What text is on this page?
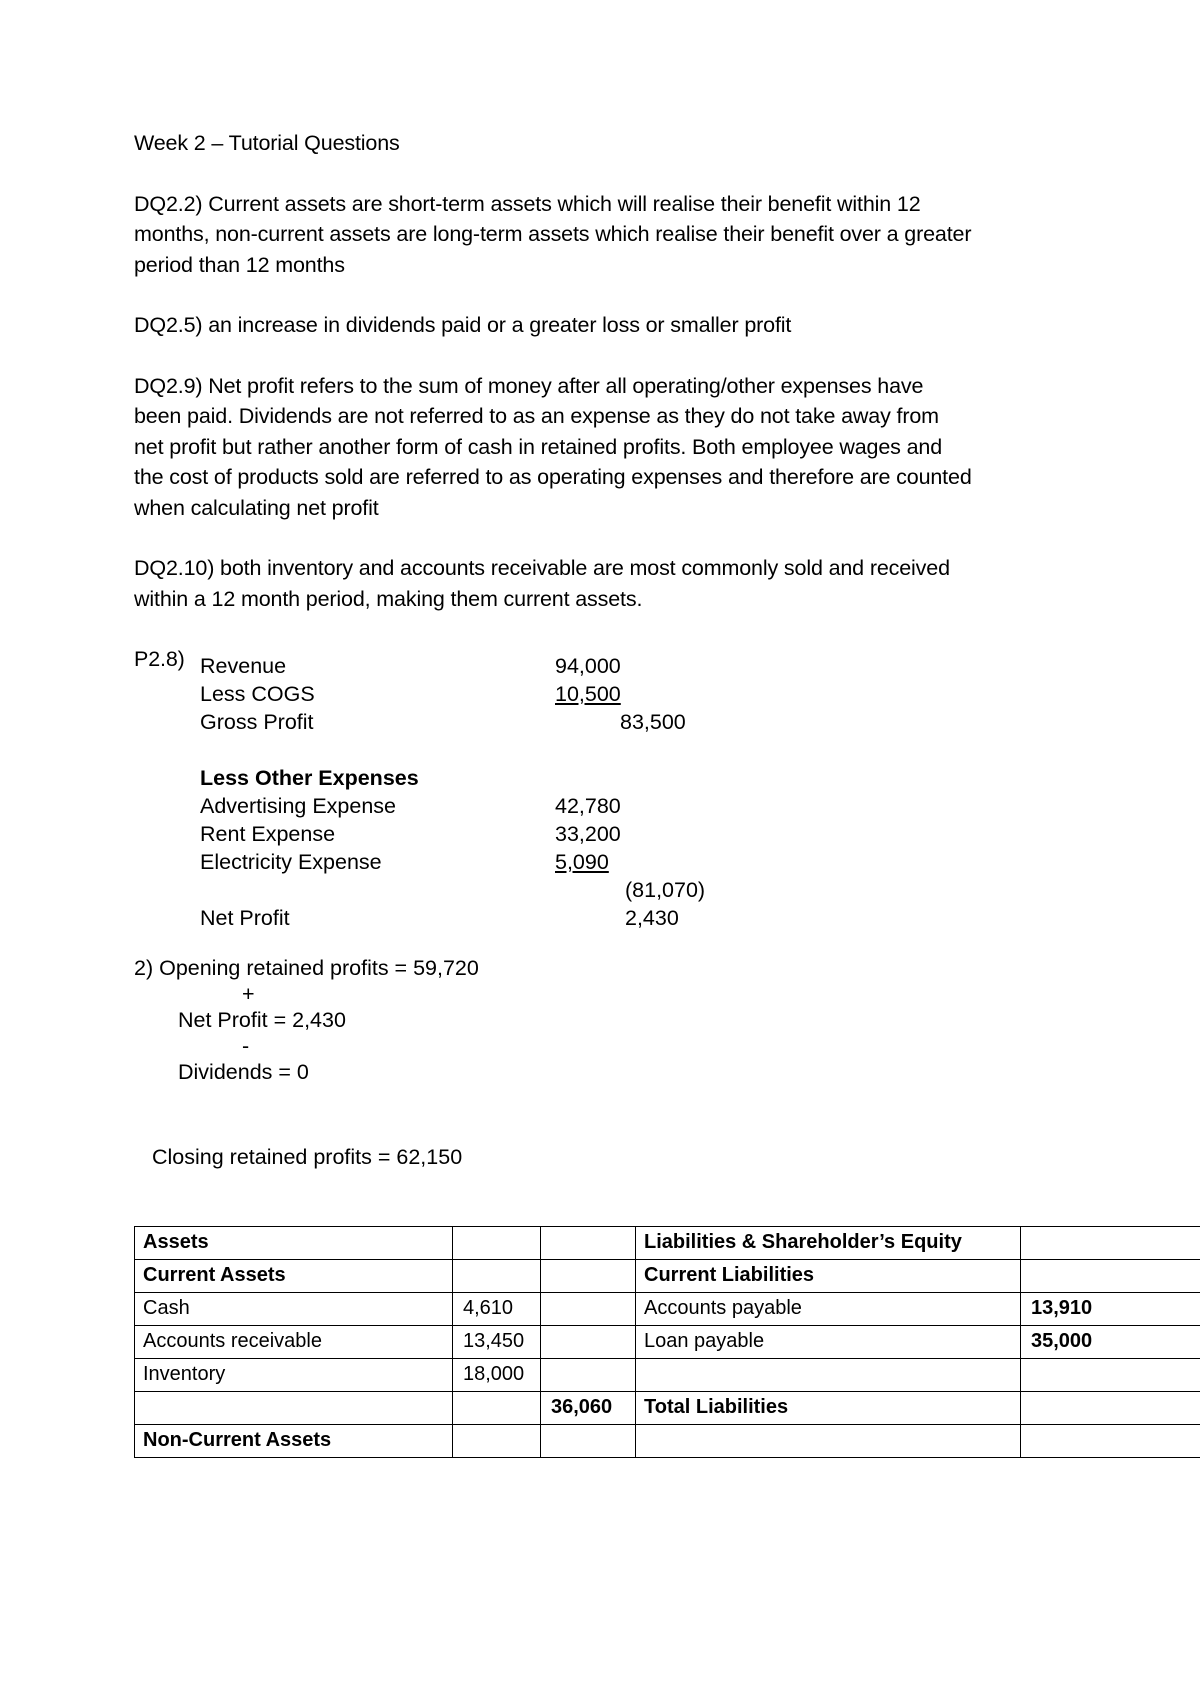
Week 2 – Tutorial Questions

DQ2.2) Current assets are short-term assets which will realise their benefit within 12 months, non-current assets are long-term assets which realise their benefit over a greater period than 12 months

DQ2.5) an increase in dividends paid or a greater loss or smaller profit

DQ2.9) Net profit refers to the sum of money after all operating/other expenses have been paid. Dividends are not referred to as an expense as they do not take away from net profit but rather another form of cash in retained profits. Both employee wages and the cost of products sold are referred to as operating expenses and therefore are counted when calculating net profit

DQ2.10) both inventory and accounts receivable are most commonly sold and received within a 12 month period, making them current assets.

P2.8) Revenue	94,000
Less COGS	10,500
Gross Profit	83,500
Less Other Expenses
Advertising Expense	42,780
Rent Expense	33,200
Electricity Expense	5,090
(81,070)
Net Profit	2,430
2) Opening retained profits = 59,720
+
Net Profit = 2,430
-
Dividends = 0
Closing retained profits = 62,150
Assets			Liabilities & Shareholder’s Equity	
Current Assets			Current Liabilities	
Cash	4,610		Accounts payable	13,910
Accounts receivable	13,450		Loan payable	35,000
Inventory	18,000			
		36,060	Total Liabilities	
Non-Current Assets				
